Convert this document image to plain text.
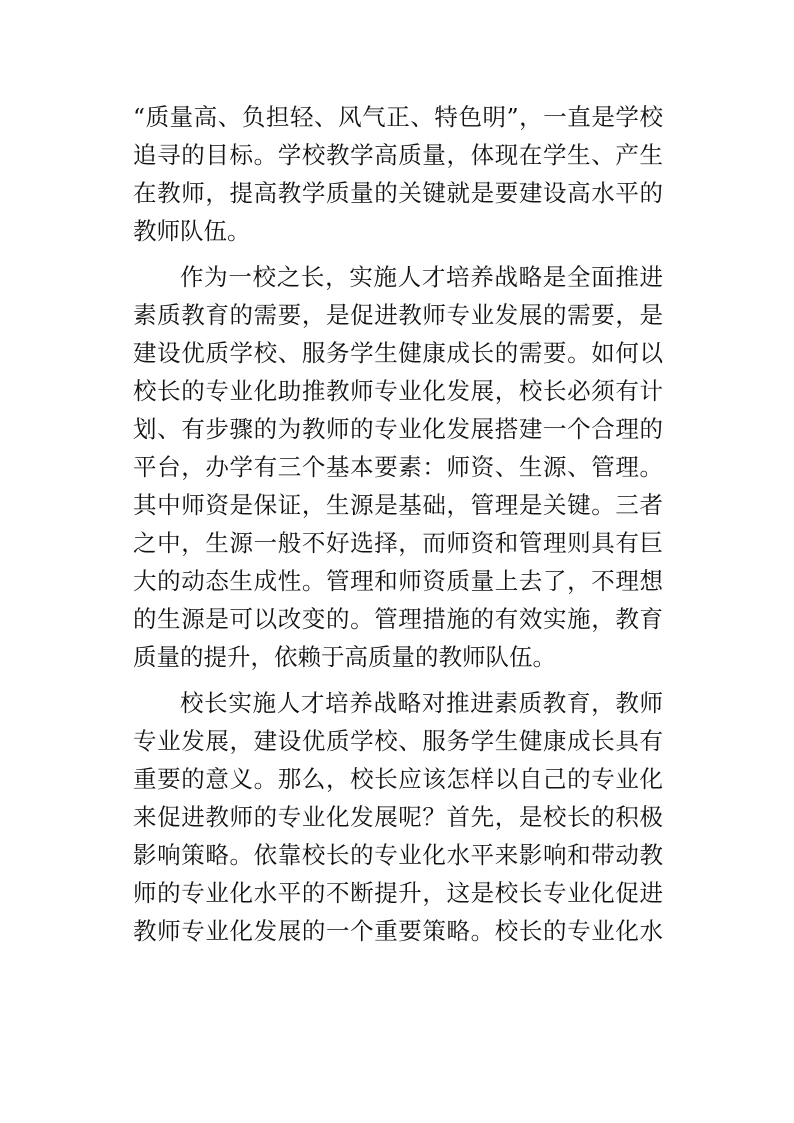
“质量高、负担轻、风气正、特色明”，一直是学校
追寻的目标。学校教学高质量，体现在学生、产生
在教师，提高教学质量的关键就是要建设高水平的
教师队伍。
作为一校之长，实施人才培养战略是全面推进
素质教育的需要，是促进教师专业发展的需要，是
建设优质学校、服务学生健康成长的需要。如何以
校长的专业化助推教师专业化发展，校长必须有计
划、有步骤的为教师的专业化发展搭建一个合理的
平台，办学有三个基本要素：师资、生源、管理。
其中师资是保证，生源是基础，管理是关键。三者
之中，生源一般不好选择，而师资和管理则具有巨
大的动态生成性。管理和师资质量上去了，不理想
的生源是可以改变的。管理措施的有效实施，教育
质量的提升，依赖于高质量的教师队伍。
校长实施人才培养战略对推进素质教育，教师
专业发展，建设优质学校、服务学生健康成长具有
重要的意义。那么，校长应该怎样以自己的专业化
来促进教师的专业化发展呢？首先，是校长的积极
影响策略。依靠校长的专业化水平来影响和带动教
师的专业化水平的不断提升，这是校长专业化促进
教师专业化发展的一个重要策略。校长的专业化水
